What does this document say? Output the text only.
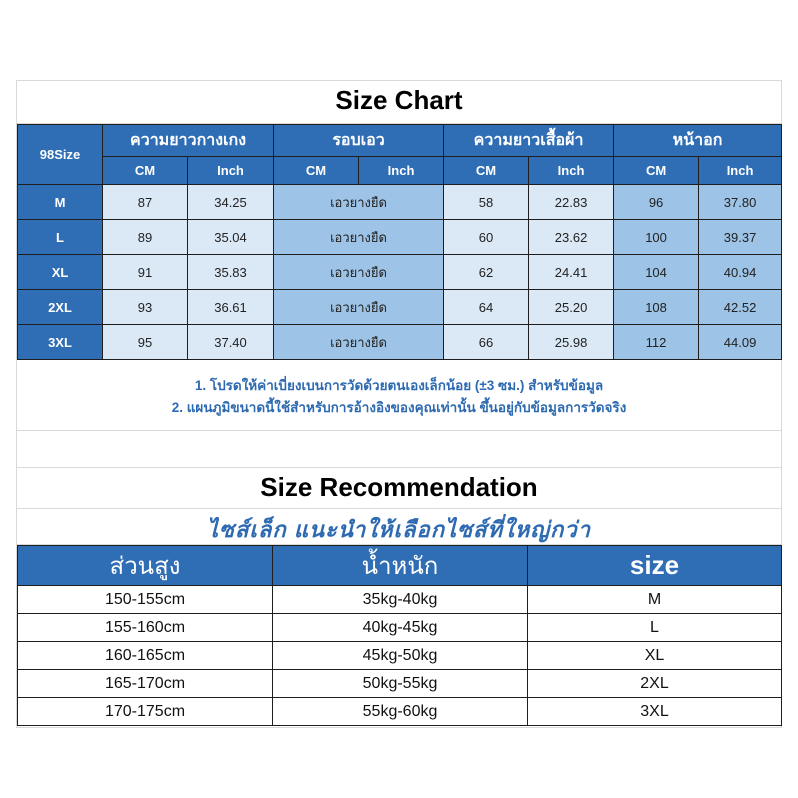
Size Chart
98Size	ความยาวกางเกง		รอบเอว		ความยาวเสื้อผ้า		หน้าอก	
	CM	Inch	CM	Inch	CM	Inch	CM	Inch
M	87	34.25	เอวยางยืด		58	22.83	96	37.80
L	89	35.04	เอวยางยืด		60	23.62	100	39.37
XL	91	35.83	เอวยางยืด		62	24.41	104	40.94
2XL	93	36.61	เอวยางยืด		64	25.20	108	42.52
3XL	95	37.40	เอวยางยืด		66	25.98	112	44.09
1. โปรดให้ค่าเบี่ยงเบนการวัดด้วยตนเองเล็กน้อย (±3 ซม.) สำหรับข้อมูล
2. แผนภูมิขนาดนี้ใช้สำหรับการอ้างอิงของคุณเท่านั้น ขึ้นอยู่กับข้อมูลการวัดจริง
Size Recommendation
ไซส์เล็ก แนะนำให้เลือกไซส์ที่ใหญ่กว่า
ส่วนสูง	น้ำหนัก	size
150-155cm	35kg-40kg	M
155-160cm	40kg-45kg	L
160-165cm	45kg-50kg	XL
165-170cm	50kg-55kg	2XL
170-175cm	55kg-60kg	3XL
